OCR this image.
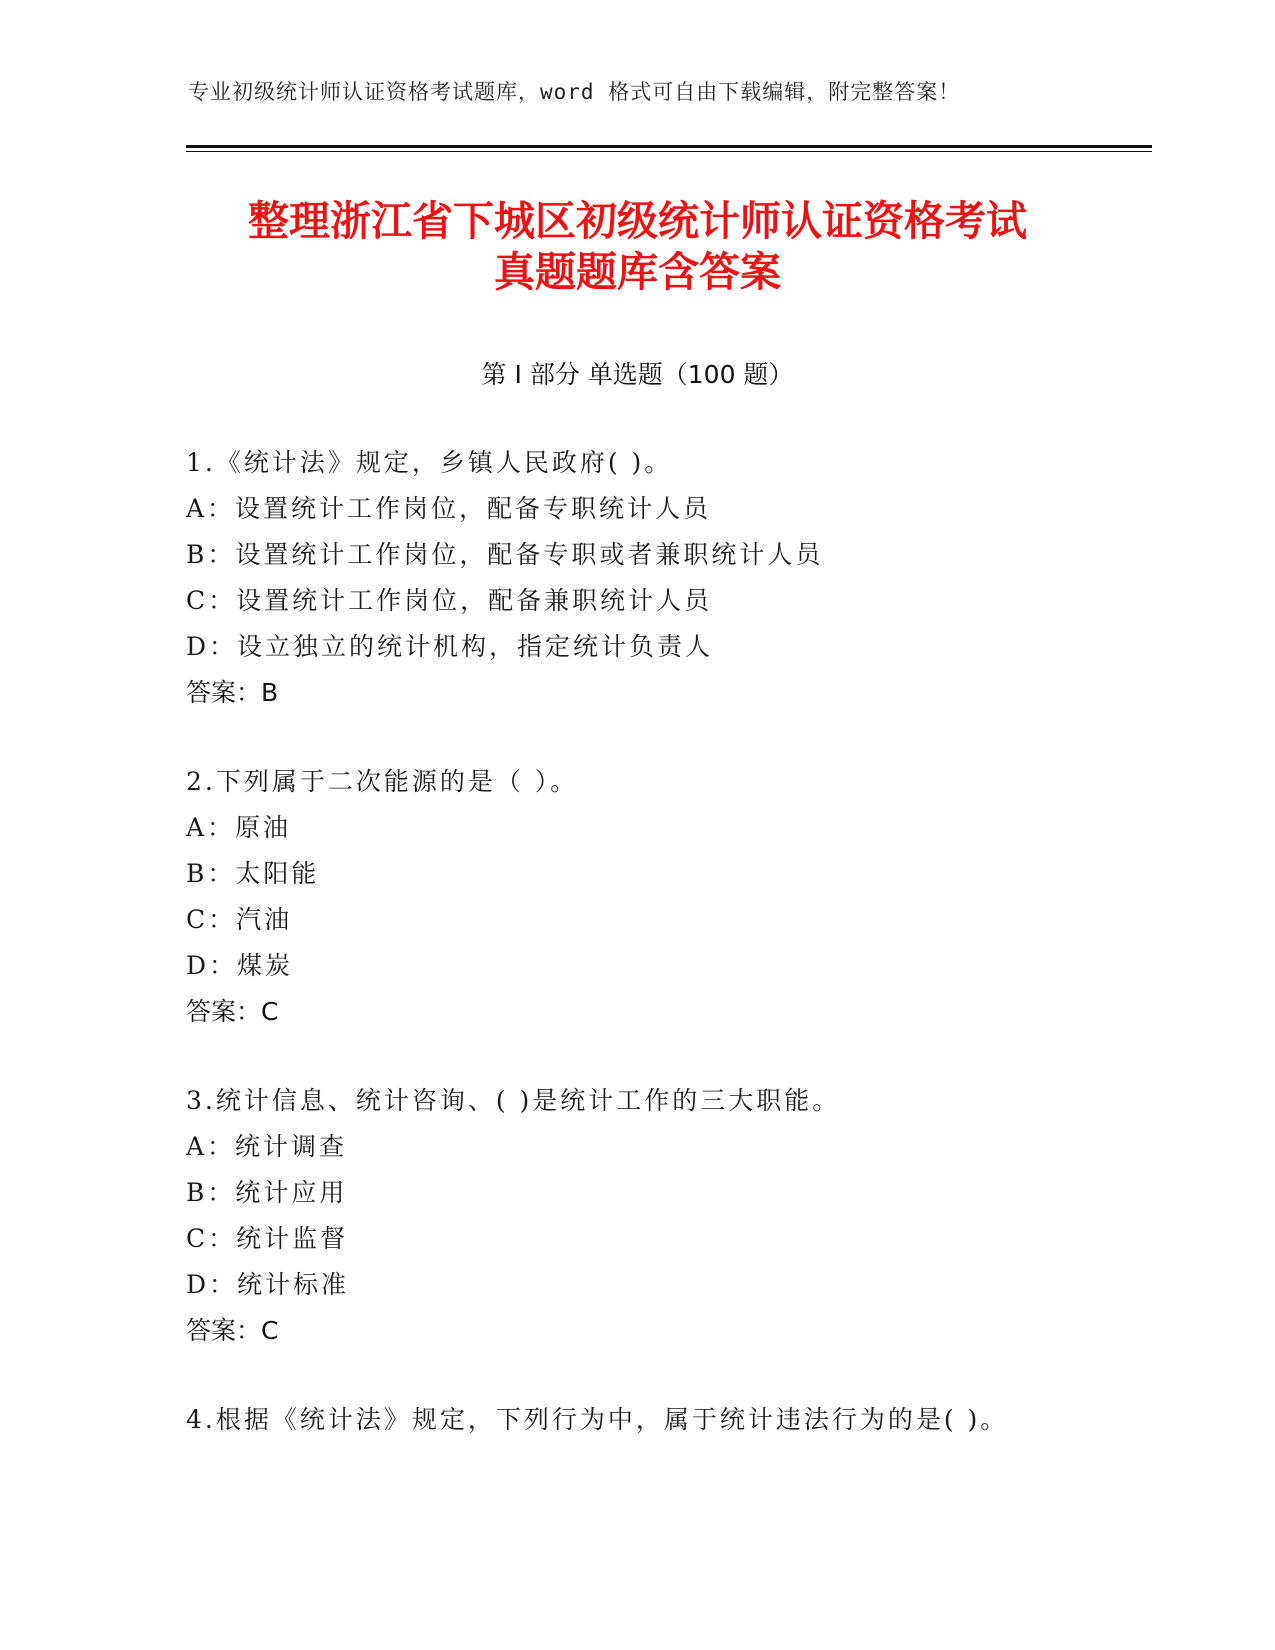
专业初级统计师认证资格考试题库，word 格式可自由下载编辑，附完整答案！
整理浙江省下城区初级统计师认证资格考试
真题题库含答案
第 I 部分 单选题（100 题）
1.《统计法》规定，乡镇人民政府( )。
A：设置统计工作岗位，配备专职统计人员
B：设置统计工作岗位，配备专职或者兼职统计人员
C：设置统计工作岗位，配备兼职统计人员
D：设立独立的统计机构，指定统计负责人
答案：B
2.下列属于二次能源的是（ ）。
A：原油
B：太阳能
C：汽油
D：煤炭
答案：C
3.统计信息、统计咨询、( )是统计工作的三大职能。
A：统计调查
B：统计应用
C：统计监督
D：统计标准
答案：C
4.根据《统计法》规定，下列行为中，属于统计违法行为的是( )。
